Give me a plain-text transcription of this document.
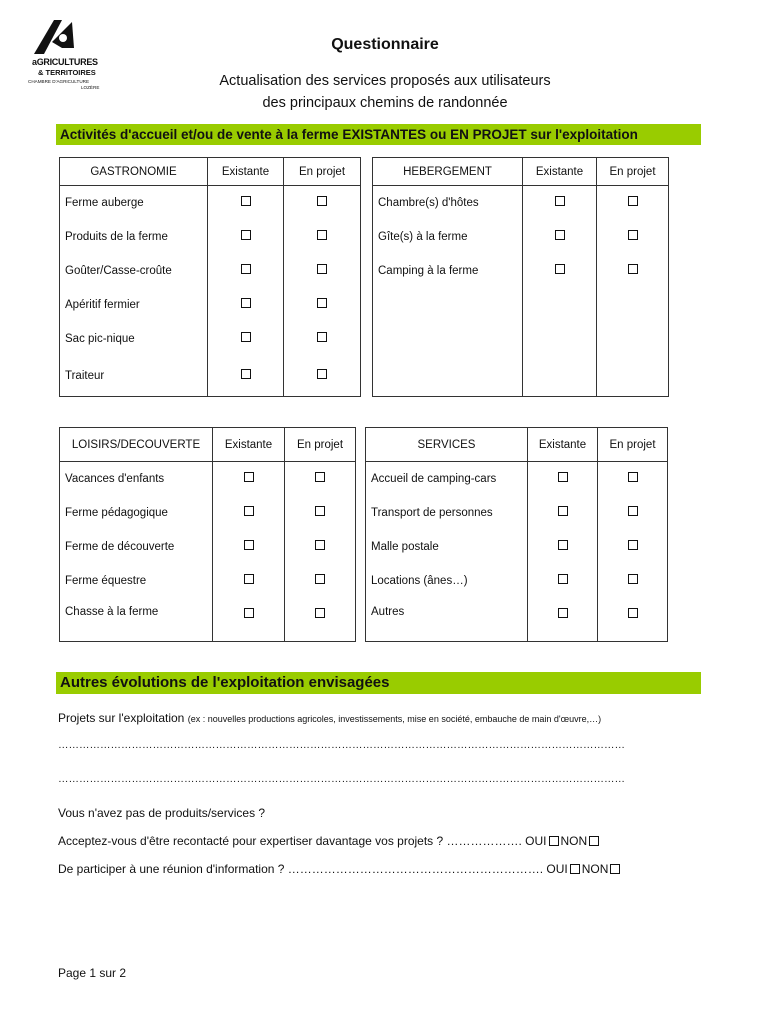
aGRICULTURES
& TERRITOIRES
CHAMBRE D'AGRICULTURE
LOZÈRE
Questionnaire
Actualisation des services proposés aux utilisateurs
des principaux chemins de randonnée
Activités d'accueil et/ou de vente à la ferme EXISTANTES ou EN PROJET sur l'exploitation
GASTRONOMIE	Existante	En projet
Ferme auberge		
Produits de la ferme		
Goûter/Casse-croûte		
Apéritif fermier		
Sac pic-nique		
Traiteur		
HEBERGEMENT	Existante	En projet
Chambre(s) d'hôtes		
Gîte(s) à la ferme		
Camping à la ferme		

LOISIRS/DECOUVERTE	Existante	En projet
Vacances d'enfants		
Ferme pédagogique		
Ferme de découverte		
Ferme équestre		
Chasse à la ferme		
SERVICES	Existante	En projet
Accueil de camping-cars		
Transport de personnes		
Malle postale		
Locations (ânes…)		
Autres		
Autres évolutions de l'exploitation envisagées
Projets sur l'exploitation (ex : nouvelles productions agricoles, investissements, mise en société, embauche de main d'œuvre,…)
………………………………………………………………………………………………………………………………………………
………………………………………………………………………………………………………………………………………………
Vous n'avez pas de produits/services ?
Acceptez-vous d'être recontacté pour expertiser davantage vos projets ? ………………. OUI NON
De participer à une réunion d'information ? ………………………………………………………. OUI NON
Page 1 sur 2
